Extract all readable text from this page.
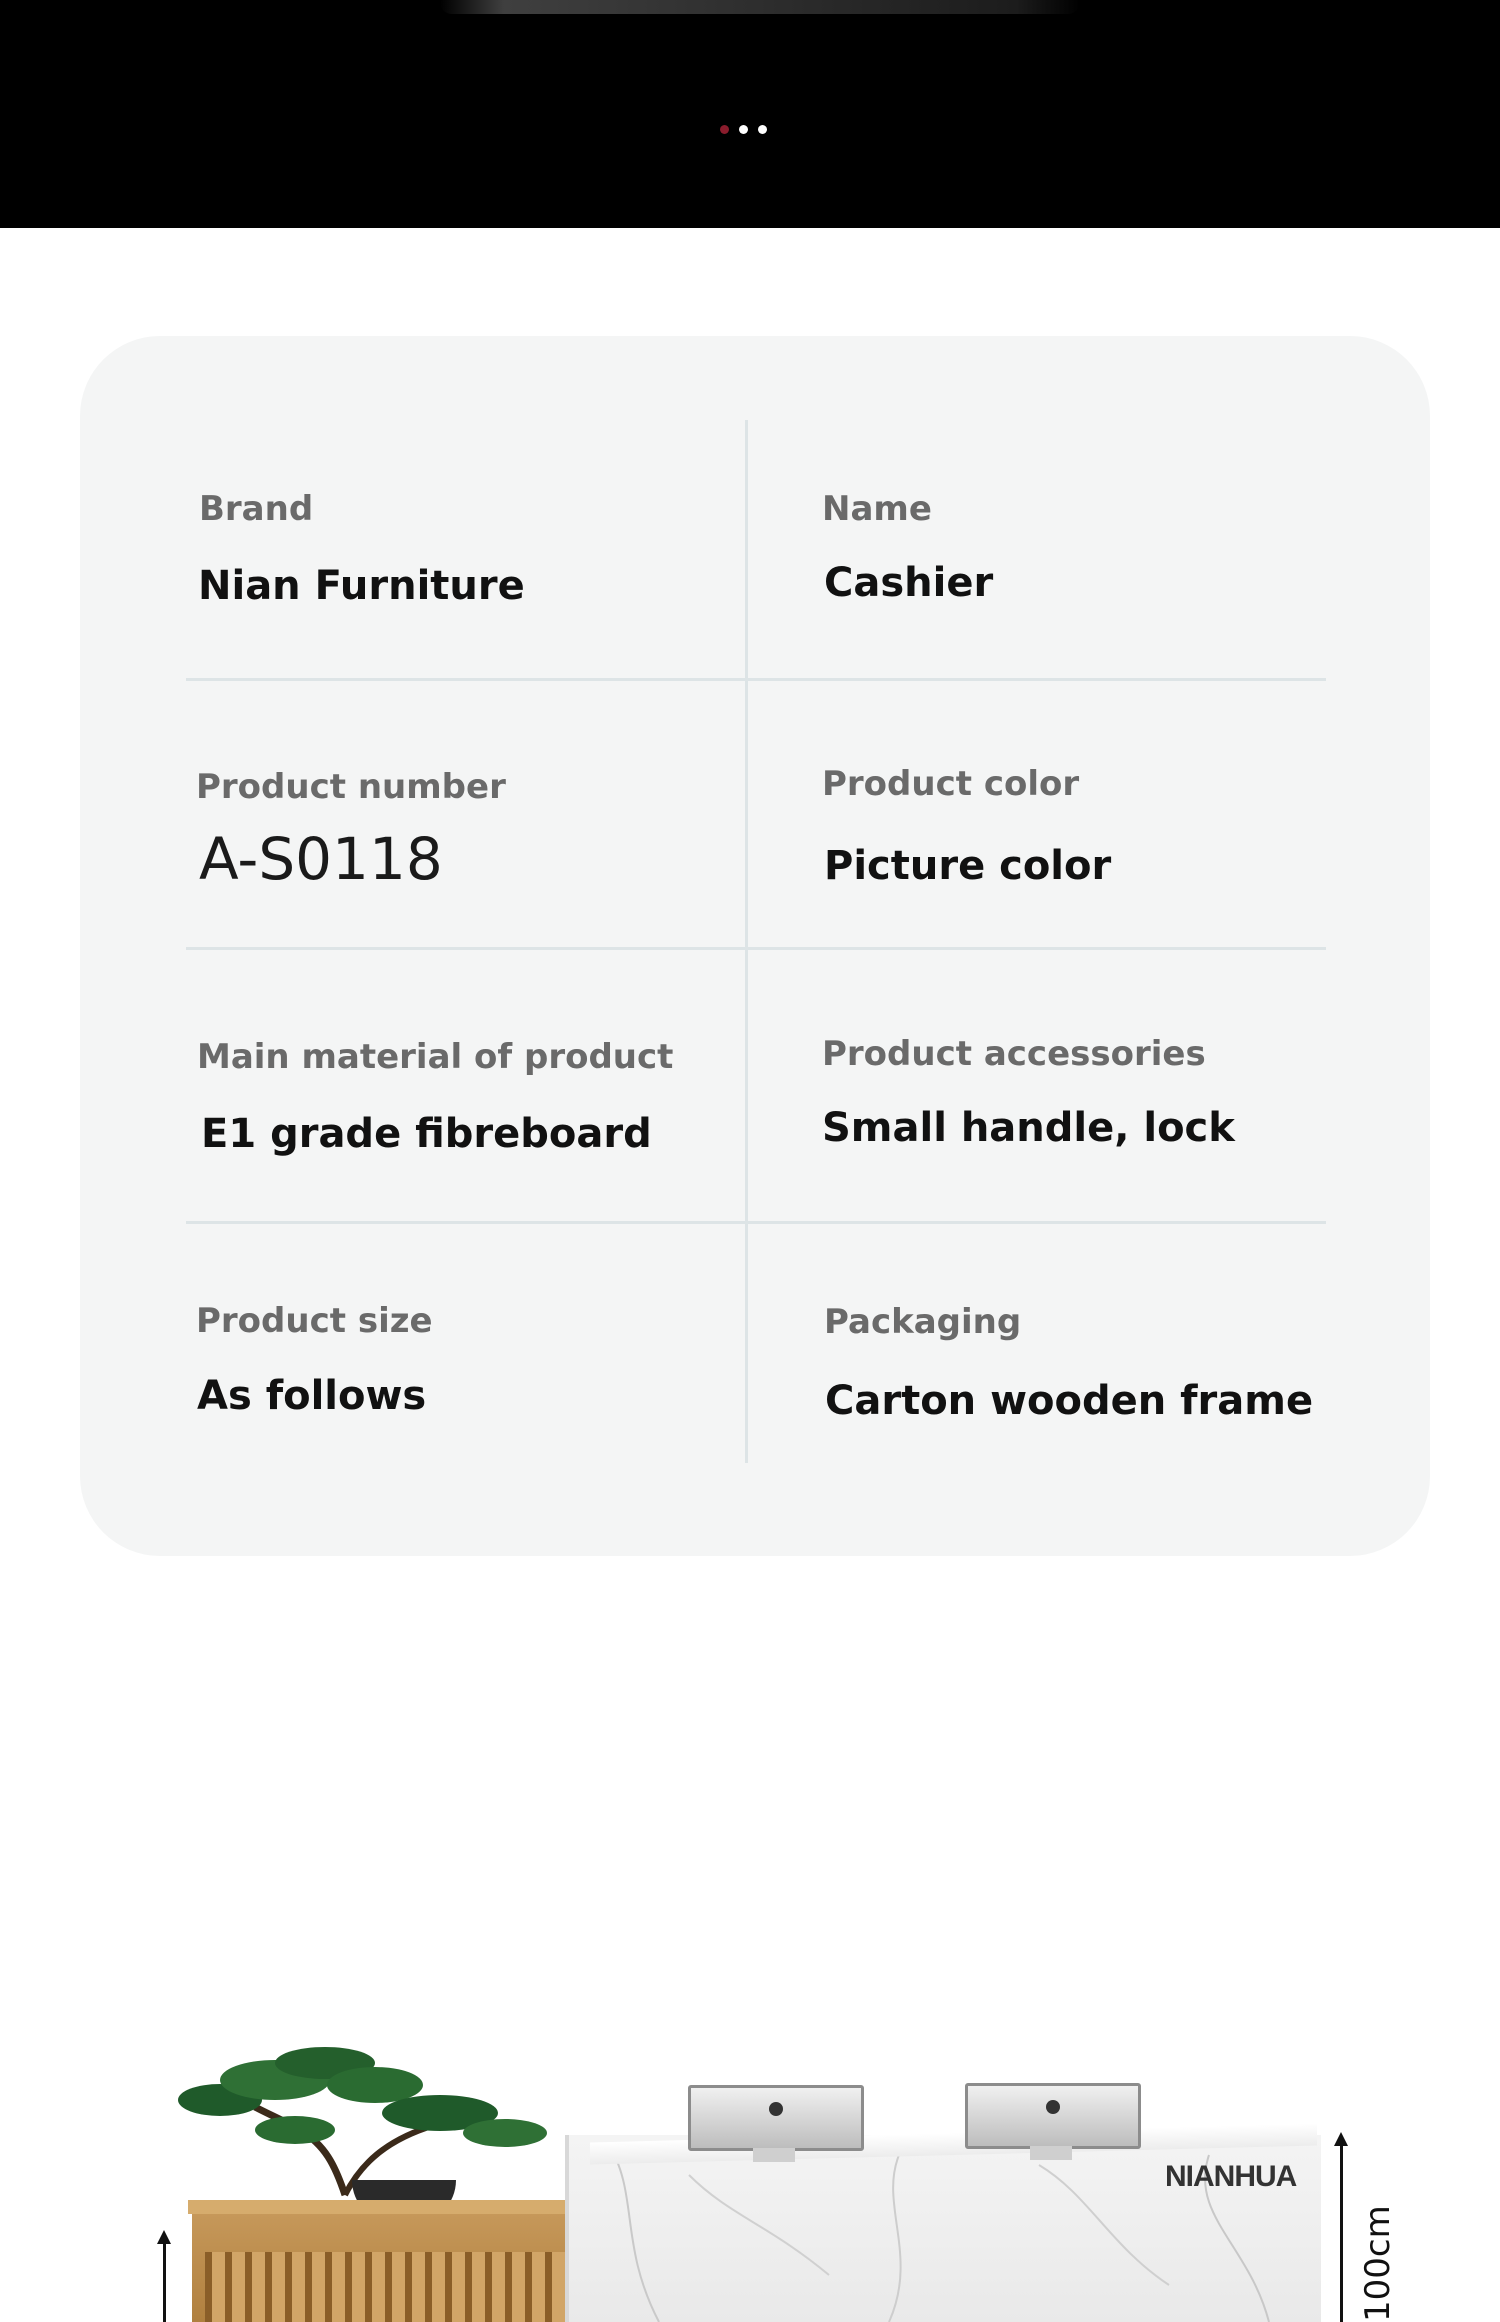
Brand
Nian Furniture
Name
Cashier
Product number
A-S0118
Product color
Picture color
Main material of product
E1 grade fibreboard
Product accessories
Small handle, lock
Product size
As follows
Packaging
Carton wooden frame
NIANHUA
100cm
